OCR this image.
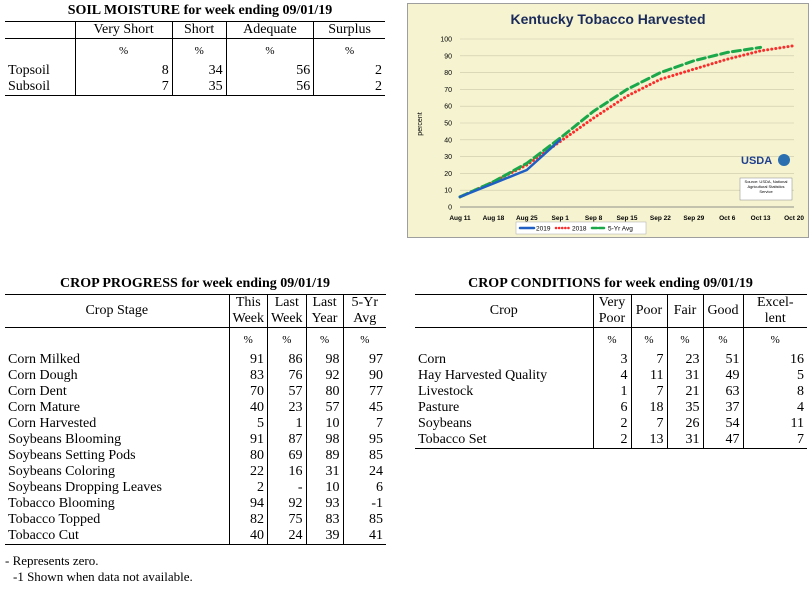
SOIL MOISTURE for week ending 09/01/19
	Very Short	Short	Adequate	Surplus
	%	%	%	%
Topsoil	8	34	56	2
Subsoil	7	35	56	2
Kentucky Tobacco Harvested
percent
0
10
20
30
40
50
60
70
80
90
100
Aug 11 Aug 18 Aug 25 Sep 1 Sep 8 Sep 15 Sep 22 Sep 29 Oct 6 Oct 13 Oct 20
2019	2018	5-Yr Avg
USDA
Source: USDA, National Agricultural Statistics Service
CROP PROGRESS for week ending 09/01/19
Crop Stage	This Week	Last Week	Last Year	5-Yr Avg
	%	%	%	%
Corn Milked	91	86	98	97
Corn Dough	83	76	92	90
Corn Dent	70	57	80	77
Corn Mature	40	23	57	45
Corn Harvested	5	1	10	7
Soybeans Blooming	91	87	98	95
Soybeans Setting Pods	80	69	89	85
Soybeans Coloring	22	16	31	24
Soybeans Dropping Leaves	2	-	10	6
Tobacco Blooming	94	92	93	-1
Tobacco Topped	82	75	83	85
Tobacco Cut	40	24	39	41
- Represents zero.
-1 Shown when data not available.
CROP CONDITIONS for week ending 09/01/19
Crop	Very Poor	Poor	Fair	Good	Excel- lent
	%	%	%	%	%
Corn	3	7	23	51	16
Hay Harvested Quality	4	11	31	49	5
Livestock	1	7	21	63	8
Pasture	6	18	35	37	4
Soybeans	2	7	26	54	11
Tobacco Set	2	13	31	47	7
